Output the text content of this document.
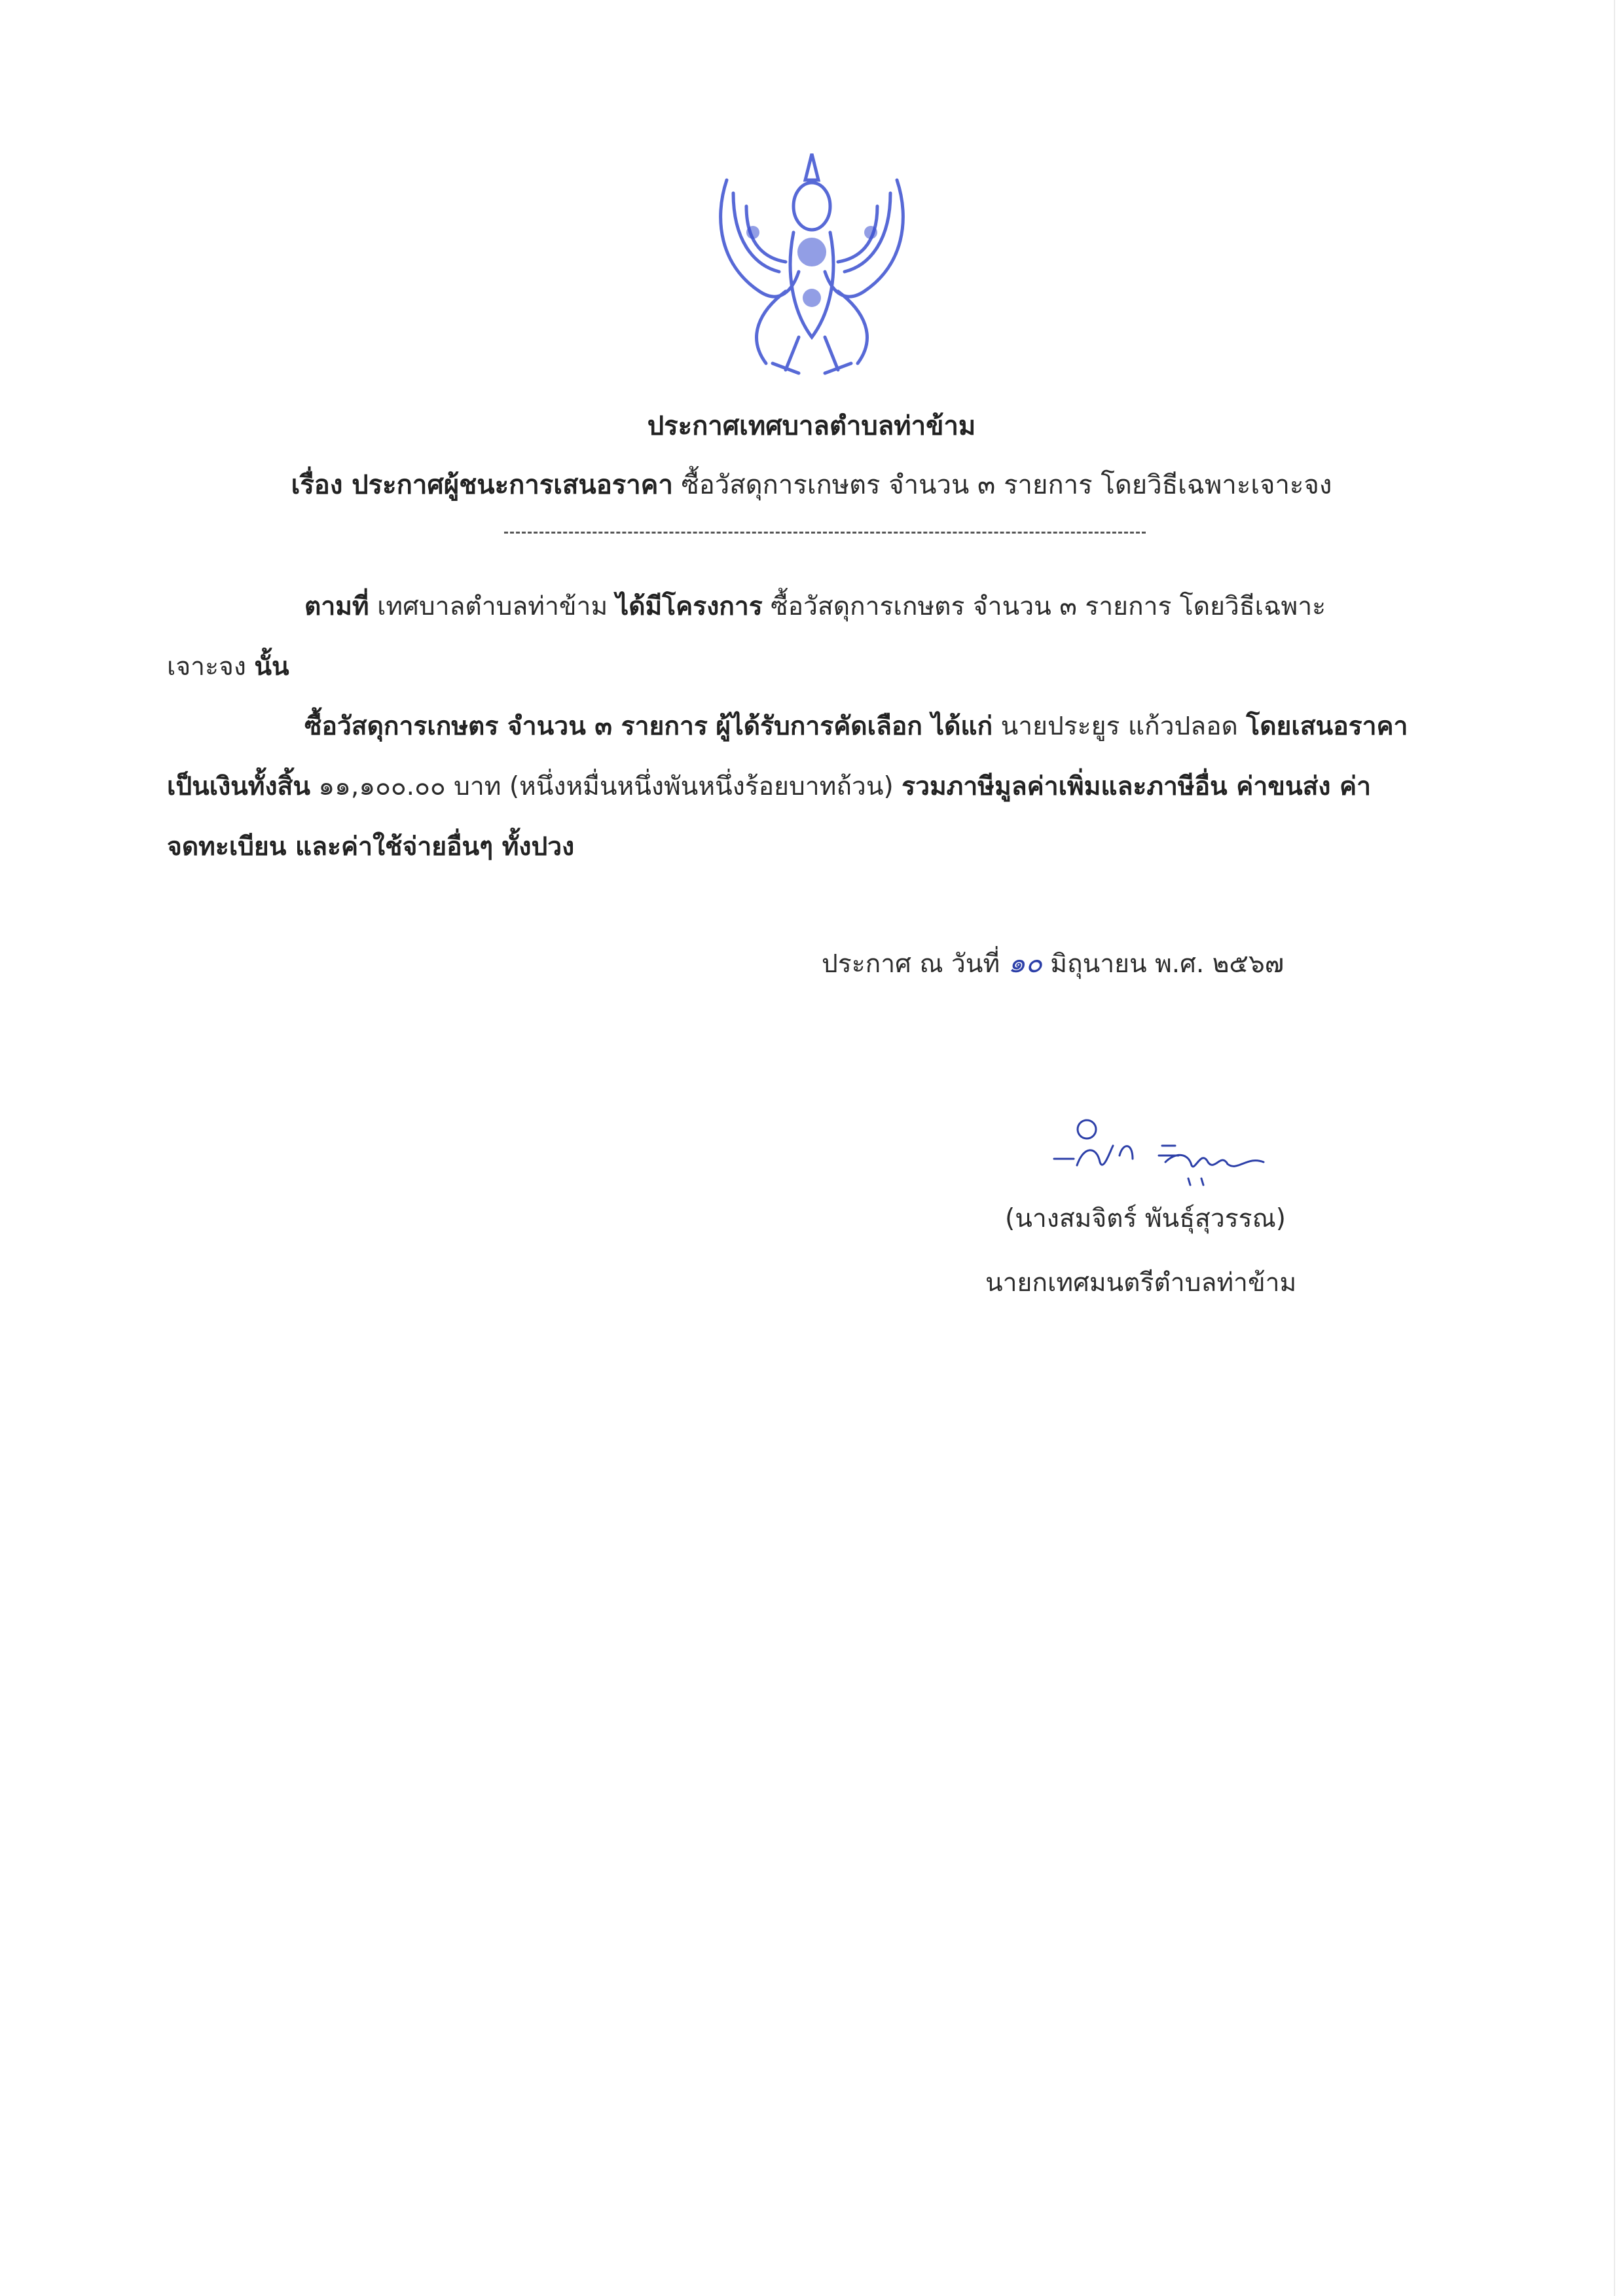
ประกาศเทศบาลตำบลท่าข้าม
เรื่อง ประกาศผู้ชนะการเสนอราคา ซื้อวัสดุการเกษตร จำนวน ๓ รายการ โดยวิธีเฉพาะเจาะจง
ตามที่ เทศบาลตำบลท่าข้าม ได้มีโครงการ ซื้อวัสดุการเกษตร จำนวน ๓ รายการ โดยวิธีเฉพาะ
เจาะจง นั้น
ซื้อวัสดุการเกษตร จำนวน ๓ รายการ ผู้ได้รับการคัดเลือก ได้แก่ นายประยูร แก้วปลอด โดยเสนอราคา
เป็นเงินทั้งสิ้น ๑๑,๑๐๐.๐๐ บาท (หนึ่งหมื่นหนึ่งพันหนึ่งร้อยบาทถ้วน) รวมภาษีมูลค่าเพิ่มและภาษีอื่น ค่าขนส่ง ค่า
จดทะเบียน และค่าใช้จ่ายอื่นๆ ทั้งปวง
ประกาศ ณ วันที่ ๑๐ มิถุนายน พ.ศ. ๒๕๖๗
(นางสมจิตร์ พันธุ์สุวรรณ)
นายกเทศมนตรีตำบลท่าข้าม
